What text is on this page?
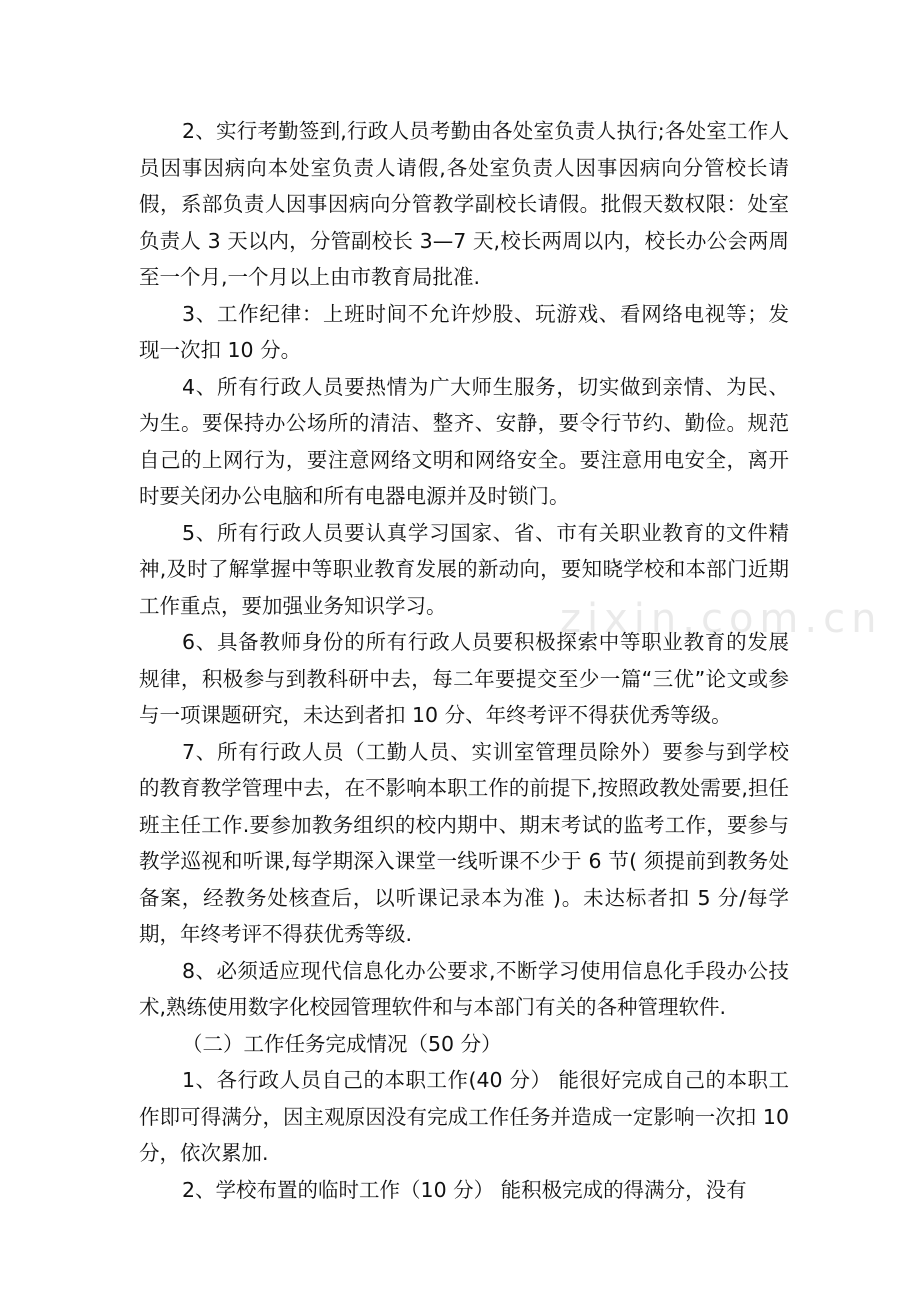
2、实行考勤签到,行政人员考勤由各处室负责人执行;各处室工作人员因事因病向本处室负责人请假,各处室负责人因事因病向分管校长请假，系部负责人因事因病向分管教学副校长请假。批假天数权限：处室负责人 3 天以内，分管副校长 3—7 天,校长两周以内，校长办公会两周至一个月,一个月以上由市教育局批准.

3、工作纪律：上班时间不允许炒股、玩游戏、看网络电视等；发现一次扣 10 分。

4、所有行政人员要热情为广大师生服务，切实做到亲情、为民、为生。要保持办公场所的清洁、整齐、安静，要令行节约、勤俭。规范自己的上网行为，要注意网络文明和网络安全。要注意用电安全，离开时要关闭办公电脑和所有电器电源并及时锁门。

5、所有行政人员要认真学习国家、省、市有关职业教育的文件精神,及时了解掌握中等职业教育发展的新动向，要知晓学校和本部门近期工作重点，要加强业务知识学习。

6、具备教师身份的所有行政人员要积极探索中等职业教育的发展规律，积极参与到教科研中去，每二年要提交至少一篇“三优”论文或参与一项课题研究，未达到者扣 10 分、年终考评不得获优秀等级。

7、所有行政人员（工勤人员、实训室管理员除外）要参与到学校的教育教学管理中去，在不影响本职工作的前提下,按照政教处需要,担任班主任工作.要参加教务组织的校内期中、期末考试的监考工作，要参与教学巡视和听课,每学期深入课堂一线听课不少于 6 节( 须提前到教务处备案，经教务处核查后，以听课记录本为准 )。未达标者扣 5 分/每学期，年终考评不得获优秀等级.

8、必须适应现代信息化办公要求,不断学习使用信息化手段办公技术,熟练使用数字化校园管理软件和与本部门有关的各种管理软件.

（二）工作任务完成情况（50 分）

1、各行政人员自己的本职工作(40 分） 能很好完成自己的本职工作即可得满分，因主观原因没有完成工作任务并造成一定影响一次扣 10 分，依次累加.

2、学校布置的临时工作（10 分） 能积极完成的得满分，没有

zixin.com.cn
